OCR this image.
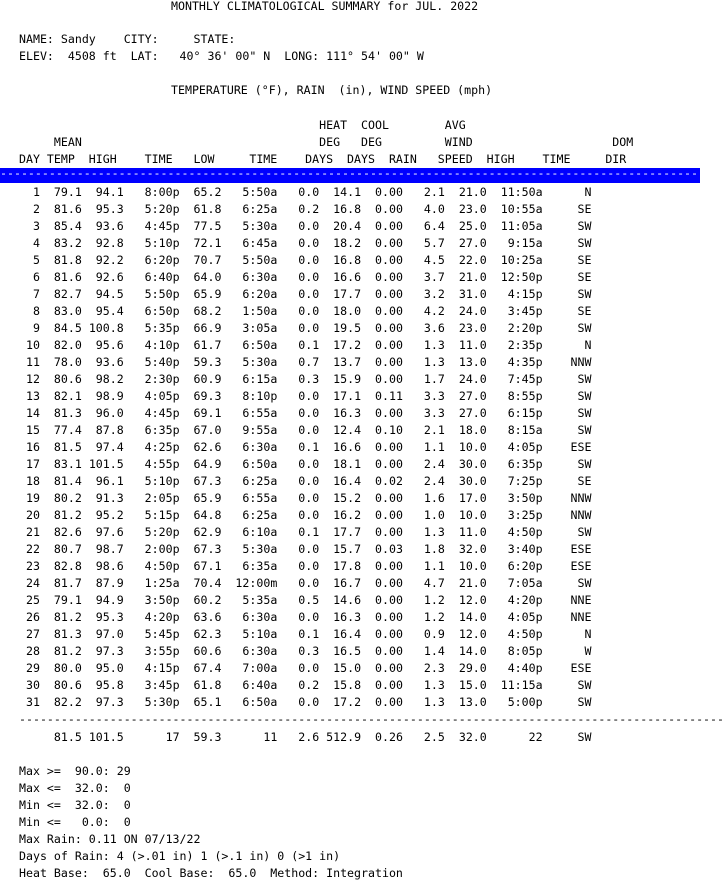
MONTHLY CLIMATOLOGICAL SUMMARY for JUL. 2022
NAME: Sandy    CITY:     STATE:
ELEV:  4508 ft  LAT:   40° 36' 00" N  LONG: 111° 54' 00" W
TEMPERATURE (°F), RAIN  (in), WIND SPEED (mph)
HEAT  COOL        AVG
MEAN                                  DEG   DEG         WIND                    DOM
DAY TEMP  HIGH    TIME   LOW     TIME    DAYS  DAYS  RAIN   SPEED  HIGH    TIME     DIR
----------------------------------------------------------------------------------------------------
1  79.1  94.1   8:00p  65.2   5:50a   0.0  14.1  0.00   2.1  21.0  11:50a      N
2  81.6  95.3   5:20p  61.8   6:25a   0.2  16.8  0.00   4.0  23.0  10:55a     SE
3  85.4  93.6   4:45p  77.5   5:30a   0.0  20.4  0.00   6.4  25.0  11:05a     SW
4  83.2  92.8   5:10p  72.1   6:45a   0.0  18.2  0.00   5.7  27.0   9:15a     SW
5  81.8  92.2   6:20p  70.7   5:50a   0.0  16.8  0.00   4.5  22.0  10:25a     SE
6  81.6  92.6   6:40p  64.0   6:30a   0.0  16.6  0.00   3.7  21.0  12:50p     SE
7  82.7  94.5   5:50p  65.9   6:20a   0.0  17.7  0.00   3.2  31.0   4:15p     SW
8  83.0  95.4   6:50p  68.2   1:50a   0.0  18.0  0.00   4.2  24.0   3:45p     SE
9  84.5 100.8   5:35p  66.9   3:05a   0.0  19.5  0.00   3.6  23.0   2:20p     SW
10  82.0  95.6   4:10p  61.7   6:50a   0.1  17.2  0.00   1.3  11.0   2:35p      N
11  78.0  93.6   5:40p  59.3   5:30a   0.7  13.7  0.00   1.3  13.0   4:35p    NNW
12  80.6  98.2   2:30p  60.9   6:15a   0.3  15.9  0.00   1.7  24.0   7:45p     SW
13  82.1  98.9   4:05p  69.3   8:10p   0.0  17.1  0.11   3.3  27.0   8:55p     SW
14  81.3  96.0   4:45p  69.1   6:55a   0.0  16.3  0.00   3.3  27.0   6:15p     SW
15  77.4  87.8   6:35p  67.0   9:55a   0.0  12.4  0.10   2.1  18.0   8:15a     SW
16  81.5  97.4   4:25p  62.6   6:30a   0.1  16.6  0.00   1.1  10.0   4:05p    ESE
17  83.1 101.5   4:55p  64.9   6:50a   0.0  18.1  0.00   2.4  30.0   6:35p     SW
18  81.4  96.1   5:10p  67.3   6:25a   0.0  16.4  0.02   2.4  30.0   7:25p     SE
19  80.2  91.3   2:05p  65.9   6:55a   0.0  15.2  0.00   1.6  17.0   3:50p    NNW
20  81.2  95.2   5:15p  64.8   6:25a   0.0  16.2  0.00   1.0  10.0   3:25p    NNW
21  82.6  97.6   5:20p  62.9   6:10a   0.1  17.7  0.00   1.3  11.0   4:50p     SW
22  80.7  98.7   2:00p  67.3   5:30a   0.0  15.7  0.03   1.8  32.0   3:40p    ESE
23  82.8  98.6   4:50p  67.1   6:35a   0.0  17.8  0.00   1.1  10.0   6:20p    ESE
24  81.7  87.9   1:25a  70.4  12:00m   0.0  16.7  0.00   4.7  21.0   7:05a     SW
25  79.1  94.9   3:50p  60.2   5:35a   0.5  14.6  0.00   1.2  12.0   4:20p    NNE
26  81.2  95.3   4:20p  63.6   6:30a   0.0  16.3  0.00   1.2  14.0   4:05p    NNE
27  81.3  97.0   5:45p  62.3   5:10a   0.1  16.4  0.00   0.9  12.0   4:50p      N
28  81.2  97.3   3:55p  60.6   6:30a   0.3  16.5  0.00   1.4  14.0   8:05p      W
29  80.0  95.0   4:15p  67.4   7:00a   0.0  15.0  0.00   2.3  29.0   4:40p    ESE
30  80.6  95.8   3:45p  61.8   6:40a   0.2  15.8  0.00   1.3  15.0  11:15a     SW
31  82.2  97.3   5:30p  65.1   6:50a   0.0  17.2  0.00   1.3  13.0   5:00p     SW
-----------------------------------------------------------------------------------------------------
81.5 101.5      17  59.3      11   2.6 512.9  0.26   2.5  32.0      22     SW
Max >=  90.0: 29
Max <=  32.0:  0
Min <=  32.0:  0
Min <=   0.0:  0
Max Rain: 0.11 ON 07/13/22
Days of Rain: 4 (>.01 in) 1 (>.1 in) 0 (>1 in)
Heat Base:  65.0  Cool Base:  65.0  Method: Integration
